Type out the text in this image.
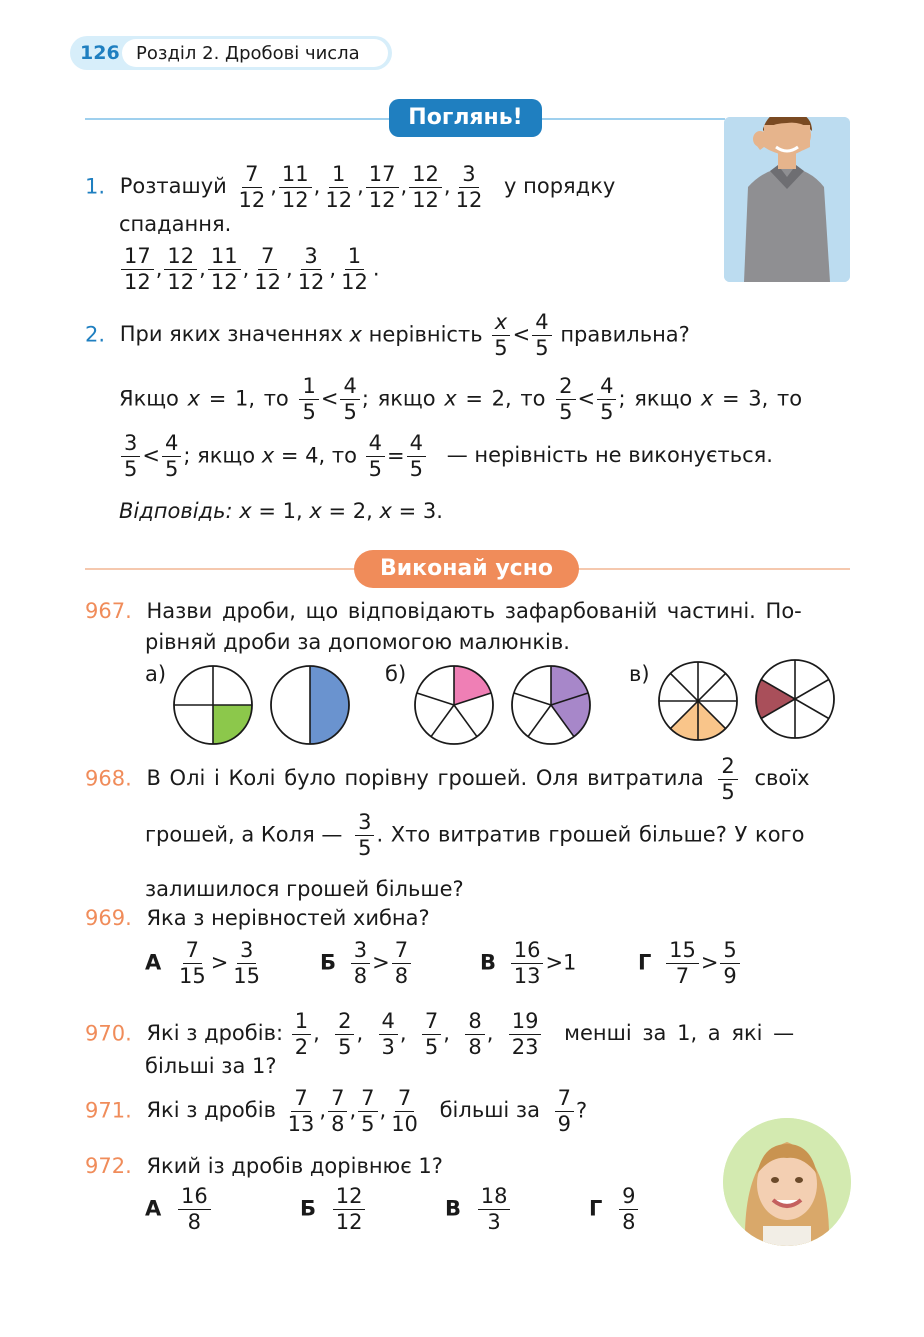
126 Розділ 2. Дробові числа
Поглянь!
1. Розташуй $\frac{7}{12}$ , $\frac{11}{12}$ , $\frac{1}{12}$ , $\frac{17}{12}$ , $\frac{12}{12}$ , $\frac{3}{12}$ у порядку
спадання.
$\frac{17}{12}$ , $\frac{12}{12}$ , $\frac{11}{12}$ , $\frac{7}{12}$ , $\frac{3}{12}$ , $\frac{1}{12}$ .
2. При яких значеннях x нерівність $\frac{x}{5} < \frac{4}{5}$ правильна?
Якщо x = 1, то $\frac{1}{5} < \frac{4}{5}$ ; якщо x = 2, то $\frac{2}{5} < \frac{4}{5}$ ; якщо x = 3, то
$\frac{3}{5} < \frac{4}{5}$ ; якщо x = 4, то $\frac{4}{5} = \frac{4}{5}$ — нерівність не виконується.
Відповідь: x = 1, x = 2, x = 3.
Виконай усно
967. Назви дроби, що відповідають зафарбованій частині. По-
рівняй дроби за допомогою малюнків.
а)	б)	в)
968. В Олі і Колі було порівну грошей. Оля витратила $\frac{2}{5}$ своїх
грошей, а Коля — $\frac{3}{5}$ . Хто витратив грошей більше? У кого
залишилося грошей більше?
969. Яка з нерівностей хибна?
А $\frac{7}{15} > \frac{3}{15}$	Б $\frac{3}{8} > \frac{7}{8}$	В $\frac{16}{13} >1$	Г $\frac{15}{7} > \frac{5}{9}$
970. Які з дробів: $\frac{1}{2}$ , $\frac{2}{5}$ , $\frac{4}{3}$ , $\frac{7}{5}$ , $\frac{8}{8}$ , $\frac{19}{23}$ менші за 1, а які —
більші за 1?
971. Які з дробів $\frac{7}{13}$ , $\frac{7}{8}$ , $\frac{7}{5}$ , $\frac{7}{10}$ більші за $\frac{7}{9}$ ?
972. Який із дробів дорівнює 1?
А $\frac{16}{8}$	Б $\frac{12}{12}$	В $\frac{18}{3}$	Г $\frac{9}{8}$
